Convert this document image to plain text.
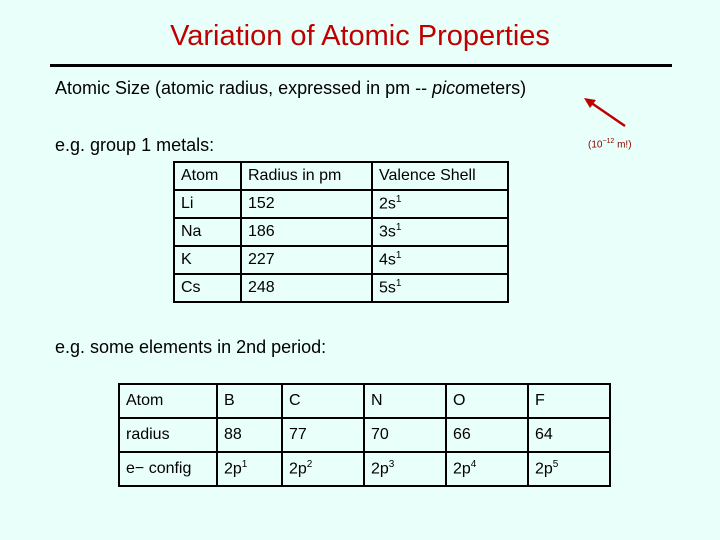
Variation of Atomic Properties
Atomic Size (atomic radius, expressed in pm -- picometers)
($10^{-12}$ m!)
e.g. group 1 metals:
Atom	Radius in pm	Valence Shell
Li	152	$2s^1$
Na	186	$3s^1$
K	227	$4s^1$
Cs	248	$5s^1$
e.g. some elements in 2nd period:
Atom	B	C	N	O	F
radius	88	77	70	66	64
e− config	$2p^1$	$2p^2$	$2p^3$	$2p^4$	$2p^5$
